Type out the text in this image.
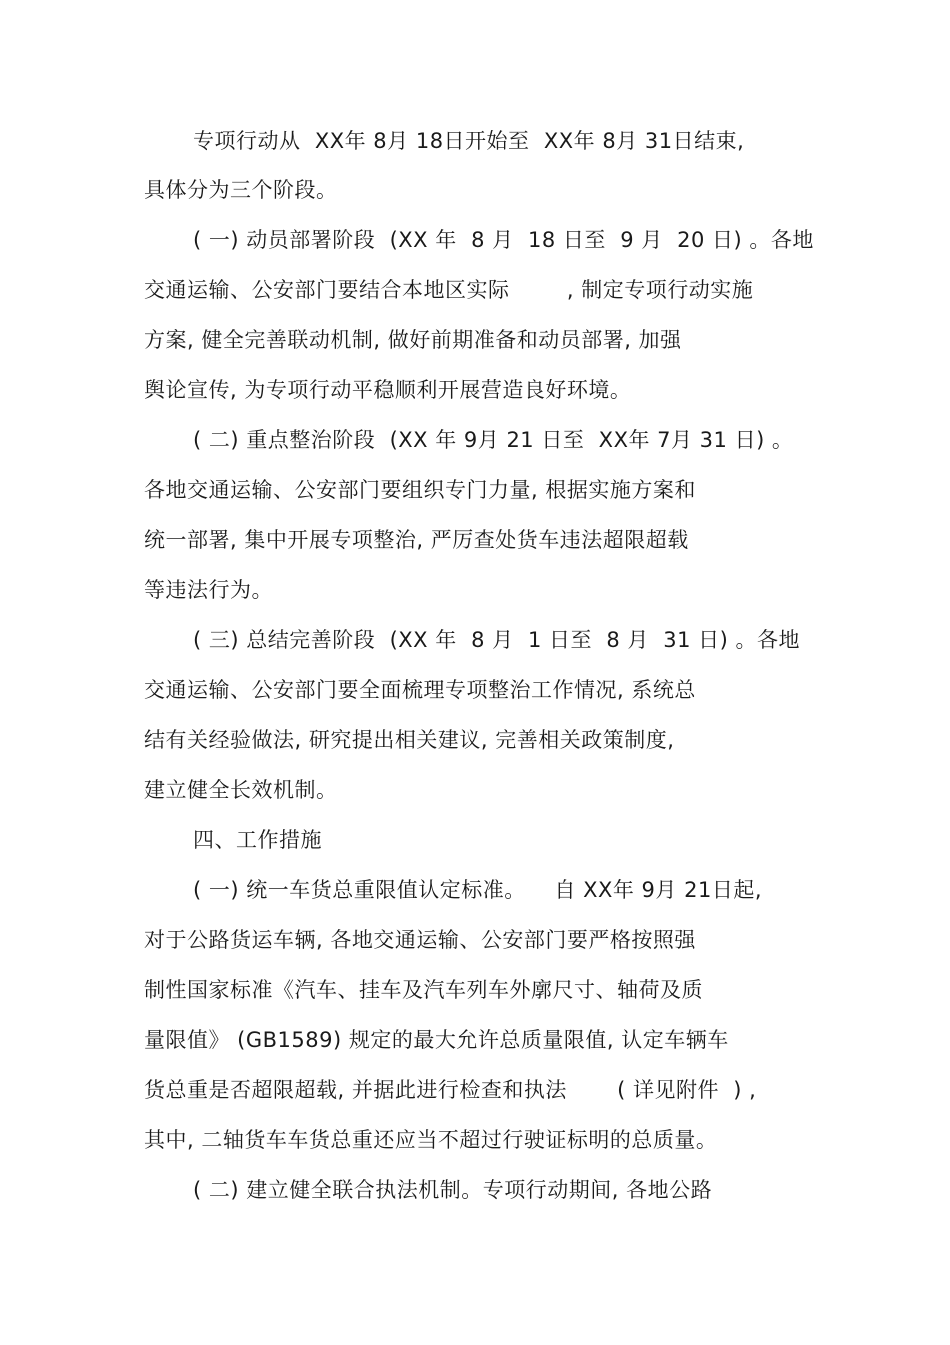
专项行动从  XX年 8月 18日开始至  XX年 8月 31日结束,
具体分为三个阶段。
( 一) 动员部署阶段  (XX 年  8 月  18 日至  9 月  20 日) 。各地
交通运输、公安部门要结合本地区实际        , 制定专项行动实施
方案, 健全完善联动机制, 做好前期准备和动员部署, 加强
舆论宣传, 为专项行动平稳顺利开展营造良好环境。
( 二) 重点整治阶段  (XX 年 9月 21 日至  XX年 7月 31 日) 。
各地交通运输、公安部门要组织专门力量, 根据实施方案和
统一部署, 集中开展专项整治, 严厉查处货车违法超限超载
等违法行为。
( 三) 总结完善阶段  (XX 年  8 月  1 日至  8 月  31 日) 。各地
交通运输、公安部门要全面梳理专项整治工作情况, 系统总
结有关经验做法, 研究提出相关建议, 完善相关政策制度,
建立健全长效机制。
四、工作措施
( 一) 统一车货总重限值认定标准。    自 XX年 9月 21日起,
对于公路货运车辆, 各地交通运输、公安部门要严格按照强
制性国家标准《汽车、挂车及汽车列车外廓尺寸、轴荷及质
量限值》 (GB1589) 规定的最大允许总质量限值, 认定车辆车
货总重是否超限超载, 并据此进行检查和执法       ( 详见附件  ) ,
其中, 二轴货车车货总重还应当不超过行驶证标明的总质量。
( 二) 建立健全联合执法机制。专项行动期间, 各地公路
